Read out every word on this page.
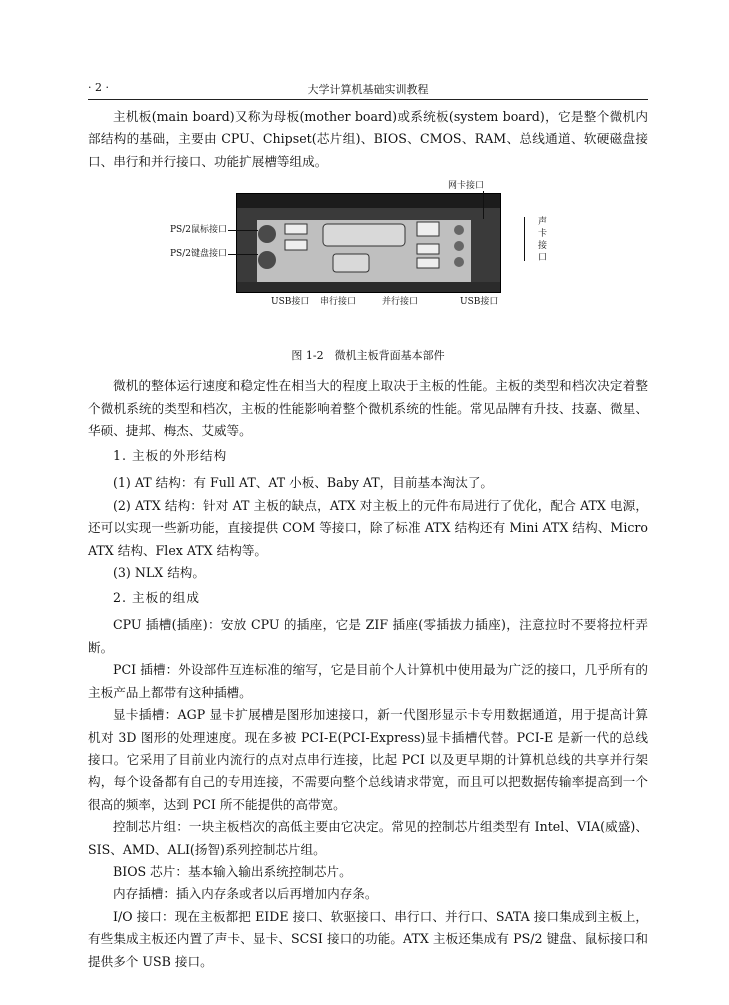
· 2 ·	大学计算机基础实训教程

主机板(main board)又称为母板(mother board)或系统板(system board)，它是整个微机内部结构的基础，主要由 CPU、Chipset(芯片组)、BIOS、CMOS、RAM、总线通道、软硬磁盘接口、串行和并行接口、功能扩展槽等组成。

网卡接口
PS/2鼠标接口
PS/2键盘接口
声
卡
接
口
USB接口 串行接口	并行接口	USB接口
图 1-2　微机主板背面基本部件

微机的整体运行速度和稳定性在相当大的程度上取决于主板的性能。主板的类型和档次决定着整个微机系统的类型和档次，主板的性能影响着整个微机系统的性能。常见品牌有升技、技嘉、微星、华硕、捷邦、梅杰、艾威等。

1. 主板的外形结构

(1) AT 结构：有 Full AT、AT 小板、Baby AT，目前基本淘汰了。

(2) ATX 结构：针对 AT 主板的缺点，ATX 对主板上的元件布局进行了优化，配合 ATX 电源，还可以实现一些新功能，直接提供 COM 等接口，除了标准 ATX 结构还有 Mini ATX 结构、Micro ATX 结构、Flex ATX 结构等。

(3) NLX 结构。

2. 主板的组成

CPU 插槽(插座)：安放 CPU 的插座，它是 ZIF 插座(零插拔力插座)，注意拉时不要将拉杆弄断。

PCI 插槽：外设部件互连标准的缩写，它是目前个人计算机中使用最为广泛的接口，几乎所有的主板产品上都带有这种插槽。

显卡插槽：AGP 显卡扩展槽是图形加速接口，新一代图形显示卡专用数据通道，用于提高计算机对 3D 图形的处理速度。现在多被 PCI-E(PCI-Express)显卡插槽代替。PCI-E 是新一代的总线接口。它采用了目前业内流行的点对点串行连接，比起 PCI 以及更早期的计算机总线的共享并行架构，每个设备都有自己的专用连接，不需要向整个总线请求带宽，而且可以把数据传输率提高到一个很高的频率，达到 PCI 所不能提供的高带宽。

控制芯片组：一块主板档次的高低主要由它决定。常见的控制芯片组类型有 Intel、VIA(威盛)、SIS、AMD、ALI(扬智)系列控制芯片组。

BIOS 芯片：基本输入输出系统控制芯片。

内存插槽：插入内存条或者以后再增加内存条。

I/O 接口：现在主板都把 EIDE 接口、软驱接口、串行口、并行口、SATA 接口集成到主板上，有些集成主板还内置了声卡、显卡、SCSI 接口的功能。ATX 主板还集成有 PS/2 键盘、鼠标接口和提供多个 USB 接口。
